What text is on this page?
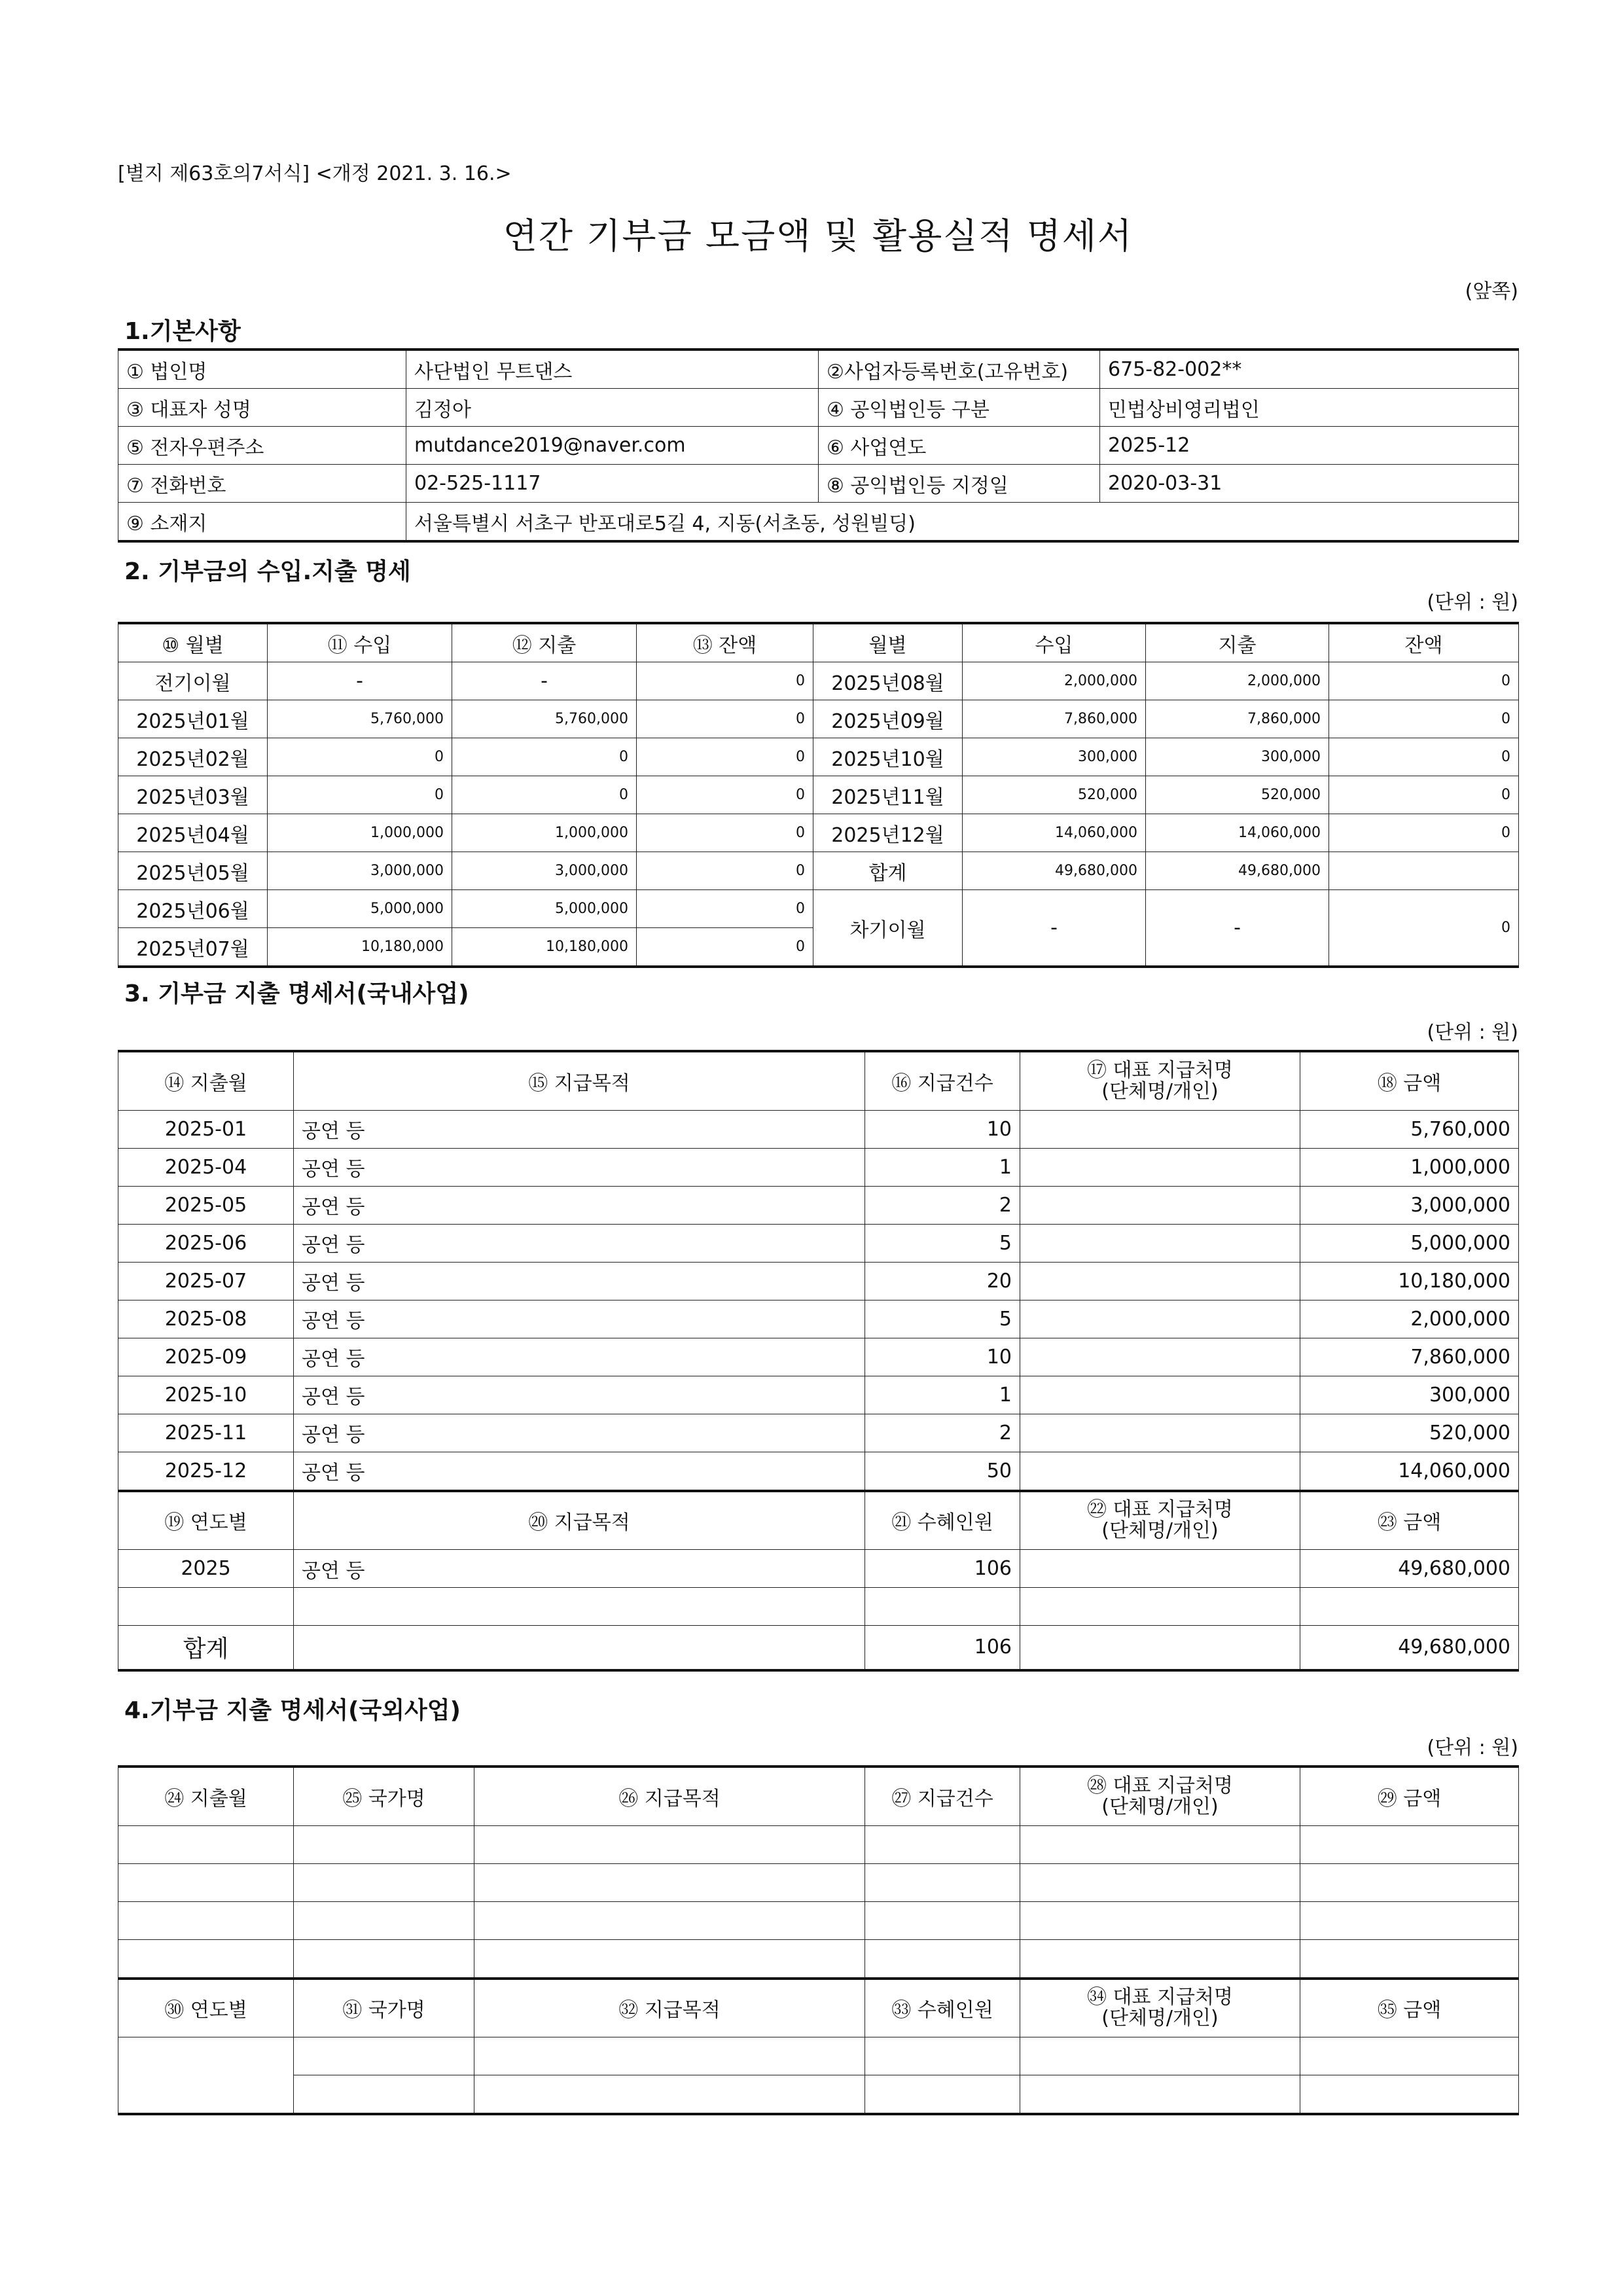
[별지 제63호의7서식] <개정 2021. 3. 16.>
연간 기부금 모금액 및 활용실적 명세서
(앞쪽)
1.기본사항
① 법인명	사단법인 무트댄스	②사업자등록번호(고유번호)	675-82-002**
③ 대표자 성명	김정아	④ 공익법인등 구분	민법상비영리법인
⑤ 전자우편주소	mutdance2019@naver.com	⑥ 사업연도	2025-12
⑦ 전화번호	02-525-1117	⑧ 공익법인등 지정일	2020-03-31
⑨ 소재지	서울특별시 서초구 반포대로5길 4, 지동(서초동, 성원빌딩)		
2. 기부금의 수입.지출 명세
(단위 : 원)
⑩ 월별	⑪ 수입	⑫ 지출	⑬ 잔액	월별	수입	지출	잔액
전기이월	-	-	0	2025년08월	2,000,000	2,000,000	0
2025년01월	5,760,000	5,760,000	0	2025년09월	7,860,000	7,860,000	0
2025년02월	0	0	0	2025년10월	300,000	300,000	0
2025년03월	0	0	0	2025년11월	520,000	520,000	0
2025년04월	1,000,000	1,000,000	0	2025년12월	14,060,000	14,060,000	0
2025년05월	3,000,000	3,000,000	0	합계	49,680,000	49,680,000	
2025년06월	5,000,000	5,000,000	0	차기이월	-	-	0
2025년07월	10,180,000	10,180,000	0				
3. 기부금 지출 명세서(국내사업)
(단위 : 원)
⑭ 지출월	⑮ 지급목적	⑯ 지급건수	⑰ 대표 지급처명
(단체명/개인)	⑱ 금액
2025-01	공연 등	10		5,760,000
2025-04	공연 등	1		1,000,000
2025-05	공연 등	2		3,000,000
2025-06	공연 등	5		5,000,000
2025-07	공연 등	20		10,180,000
2025-08	공연 등	5		2,000,000
2025-09	공연 등	10		7,860,000
2025-10	공연 등	1		300,000
2025-11	공연 등	2		520,000
2025-12	공연 등	50		14,060,000
⑲ 연도별	⑳ 지급목적	㉑ 수혜인원	㉒ 대표 지급처명
(단체명/개인)	㉓ 금액
2025	공연 등	106		49,680,000

합계		106		49,680,000
4.기부금 지출 명세서(국외사업)
(단위 : 원)
㉔ 지출월	㉕ 국가명	㉖ 지급목적	㉗ 지급건수	㉘ 대표 지급처명
(단체명/개인)	㉙ 금액

㉚ 연도별	㉛ 국가명	㉜ 지급목적	㉝ 수혜인원	㉞ 대표 지급처명
(단체명/개인)	㉟ 금액
